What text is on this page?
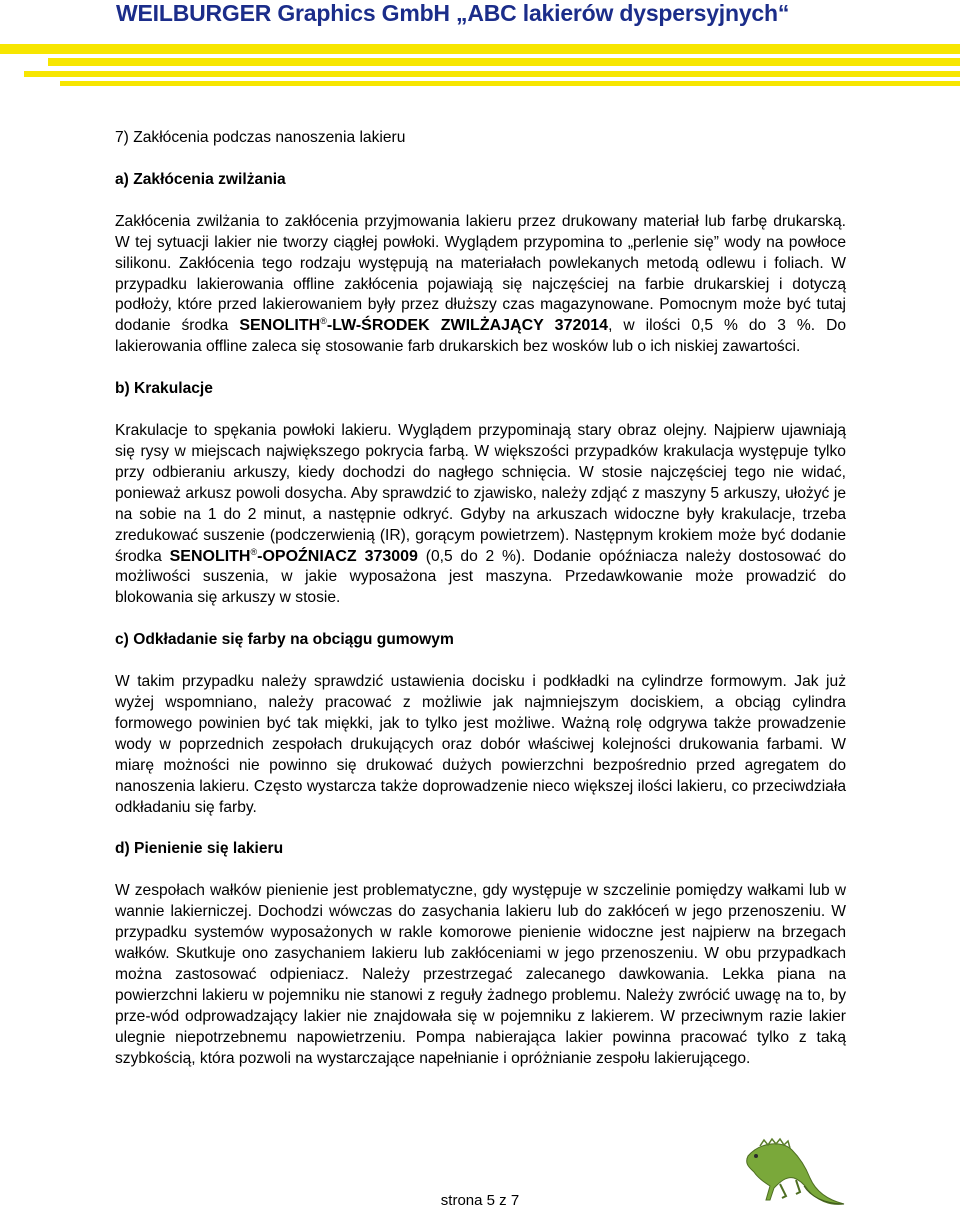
WEILBURGER Graphics GmbH „ABC lakierów dyspersyjnych“
7) Zakłócenia podczas nanoszenia lakieru
a) Zakłócenia zwilżania

Zakłócenia zwilżania to zakłócenia przyjmowania lakieru przez drukowany materiał lub farbę drukarską. W tej sytuacji lakier nie tworzy ciągłej powłoki. Wyglądem przypomina to „perlenie się” wody na powłoce silikonu. Zakłócenia tego rodzaju występują na materiałach powlekanych metodą odlewu i foliach. W przypadku lakierowania offline zakłócenia pojawiają się najczęściej na farbie drukarskiej i dotyczą podłoży, które przed lakierowaniem były przez dłuższy czas magazynowane. Pomocnym może być tutaj dodanie środka SENOLITH®-LW-ŚRODEK ZWILŻAJĄCY 372014, w ilości 0,5 % do 3 %. Do lakierowania offline zaleca się stosowanie farb drukarskich bez wosków lub o ich niskiej zawartości.

b) Krakulacje

Krakulacje to spękania powłoki lakieru. Wyglądem przypominają stary obraz olejny. Najpierw ujawniają się rysy w miejscach największego pokrycia farbą. W większości przypadków krakulacja występuje tylko przy odbieraniu arkuszy, kiedy dochodzi do nagłego schnięcia. W stosie najczęściej tego nie widać, ponieważ arkusz powoli dosycha. Aby sprawdzić to zjawisko, należy zdjąć z maszyny 5 arkuszy, ułożyć je na sobie na 1 do 2 minut, a następnie odkryć. Gdyby na arkuszach widoczne były krakulacje, trzeba zredukować suszenie (podczerwienią (IR), gorącym powietrzem). Następnym krokiem może być dodanie środka SENOLITH®-OPOŹNIACZ 373009 (0,5 do 2 %). Dodanie opóźniacza należy dostosować do możliwości suszenia, w jakie wyposażona jest maszyna. Przedawkowanie może prowadzić do blokowania się arkuszy w stosie.

c) Odkładanie się farby na obciągu gumowym

W takim przypadku należy sprawdzić ustawienia docisku i podkładki na cylindrze formowym. Jak już wyżej wspomniano, należy pracować z możliwie jak najmniejszym dociskiem, a obciąg cylindra formowego powinien być tak miękki, jak to tylko jest możliwe. Ważną rolę odgrywa także prowadzenie wody w poprzednich zespołach drukujących oraz dobór właściwej kolejności drukowania farbami. W miarę możności nie powinno się drukować dużych powierzchni bezpośrednio przed agregatem do nanoszenia lakieru. Często wystarcza także doprowadzenie nieco większej ilości lakieru, co przeciwdziała odkładaniu się farby.

d) Pienienie się lakieru

W zespołach wałków pienienie jest problematyczne, gdy występuje w szczelinie pomiędzy wałkami lub w wannie lakierniczej. Dochodzi wówczas do zasychania lakieru lub do zakłóceń w jego przenoszeniu. W przypadku systemów wyposażonych w rakle komorowe pienienie widoczne jest najpierw na brzegach wałków. Skutkuje ono zasychaniem lakieru lub zakłóceniami w jego przenoszeniu. W obu przypadkach można zastosować odpieniacz. Należy przestrzegać zalecanego dawkowania. Lekka piana na powierzchni lakieru w pojemniku nie stanowi z reguły żadnego problemu. Należy zwrócić uwagę na to, by prze-wód odprowadzający lakier nie znajdowała się w pojemniku z lakierem. W przeciwnym razie lakier ulegnie niepotrzebnemu napowietrzeniu. Pompa nabierająca lakier powinna pracować tylko z taką szybkością, która pozwoli na wystarczające napełnianie i opróżnianie zespołu lakierującego.

strona 5 z 7
